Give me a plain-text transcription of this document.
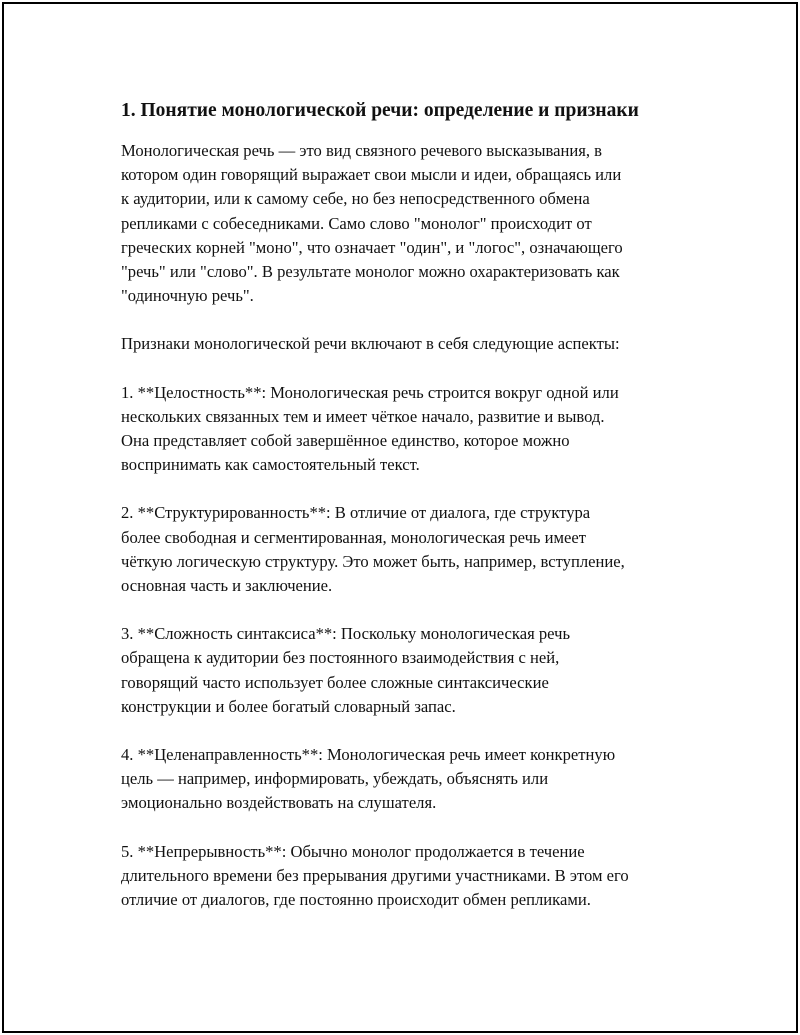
1. Понятие монологической речи: определение и признаки

Монологическая речь — это вид связного речевого высказывания, в
котором один говорящий выражает свои мысли и идеи, обращаясь или
к аудитории, или к самому себе, но без непосредственного обмена
репликами с собеседниками. Само слово "монолог" происходит от
греческих корней "моно", что означает "один", и "логос", означающего
"речь" или "слово". В результате монолог можно охарактеризовать как
"одиночную речь".

Признаки монологической речи включают в себя следующие аспекты:

1. **Целостность**: Монологическая речь строится вокруг одной или
нескольких связанных тем и имеет чёткое начало, развитие и вывод.
Она представляет собой завершённое единство, которое можно
воспринимать как самостоятельный текст.

2. **Структурированность**: В отличие от диалога, где структура
более свободная и сегментированная, монологическая речь имеет
чёткую логическую структуру. Это может быть, например, вступление,
основная часть и заключение.

3. **Сложность синтаксиса**: Поскольку монологическая речь
обращена к аудитории без постоянного взаимодействия с ней,
говорящий часто использует более сложные синтаксические
конструкции и более богатый словарный запас.

4. **Целенаправленность**: Монологическая речь имеет конкретную
цель — например, информировать, убеждать, объяснять или
эмоционально воздействовать на слушателя.

5. **Непрерывность**: Обычно монолог продолжается в течение
длительного времени без прерывания другими участниками. В этом его
отличие от диалогов, где постоянно происходит обмен репликами.
